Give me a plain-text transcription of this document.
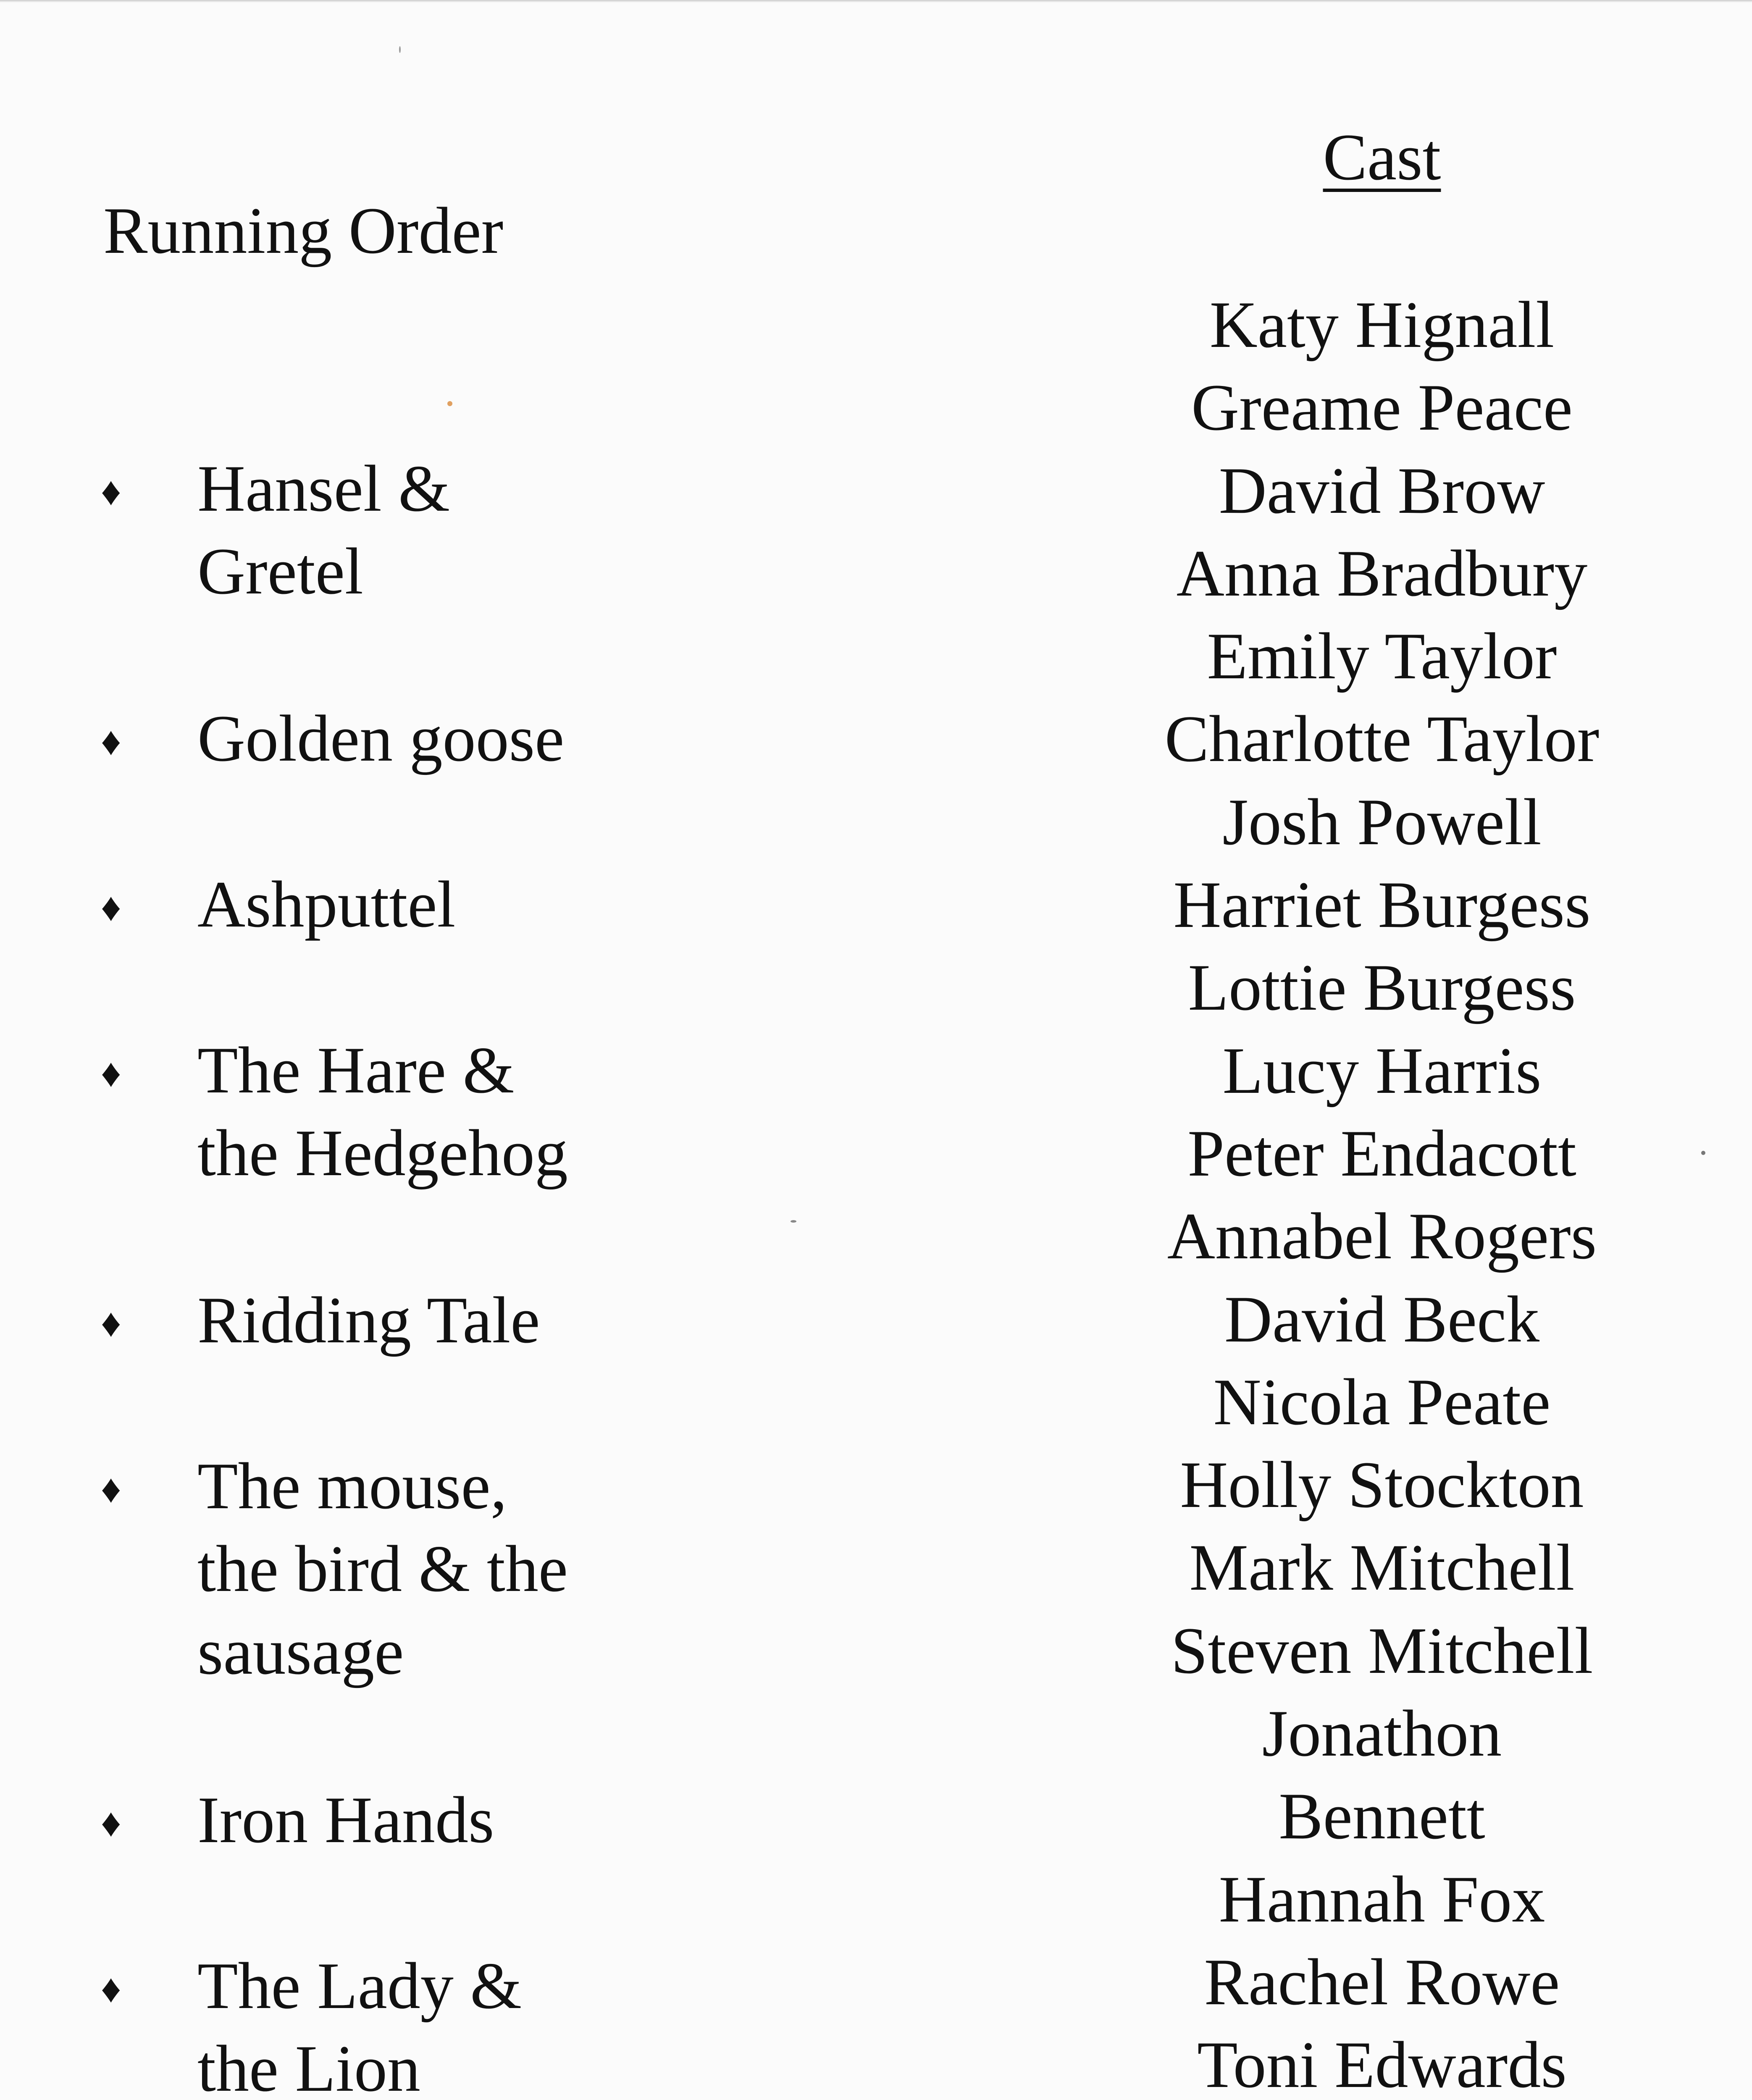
Running Order
♦ Hansel &
Gretel
♦ Golden goose
♦ Ashputtel
♦ The Hare &
the Hedgehog
♦ Ridding Tale
♦ The mouse,
the bird & the
sausage
♦ Iron Hands
♦ The Lady &
the Lion
Cast
Katy Hignall
Greame Peace
David Brow
Anna Bradbury
Emily Taylor
Charlotte Taylor
Josh Powell
Harriet Burgess
Lottie Burgess
Lucy Harris
Peter Endacott
Annabel Rogers
David Beck
Nicola Peate
Holly Stockton
Mark Mitchell
Steven Mitchell
Jonathon
Bennett
Hannah Fox
Rachel Rowe
Toni Edwards
